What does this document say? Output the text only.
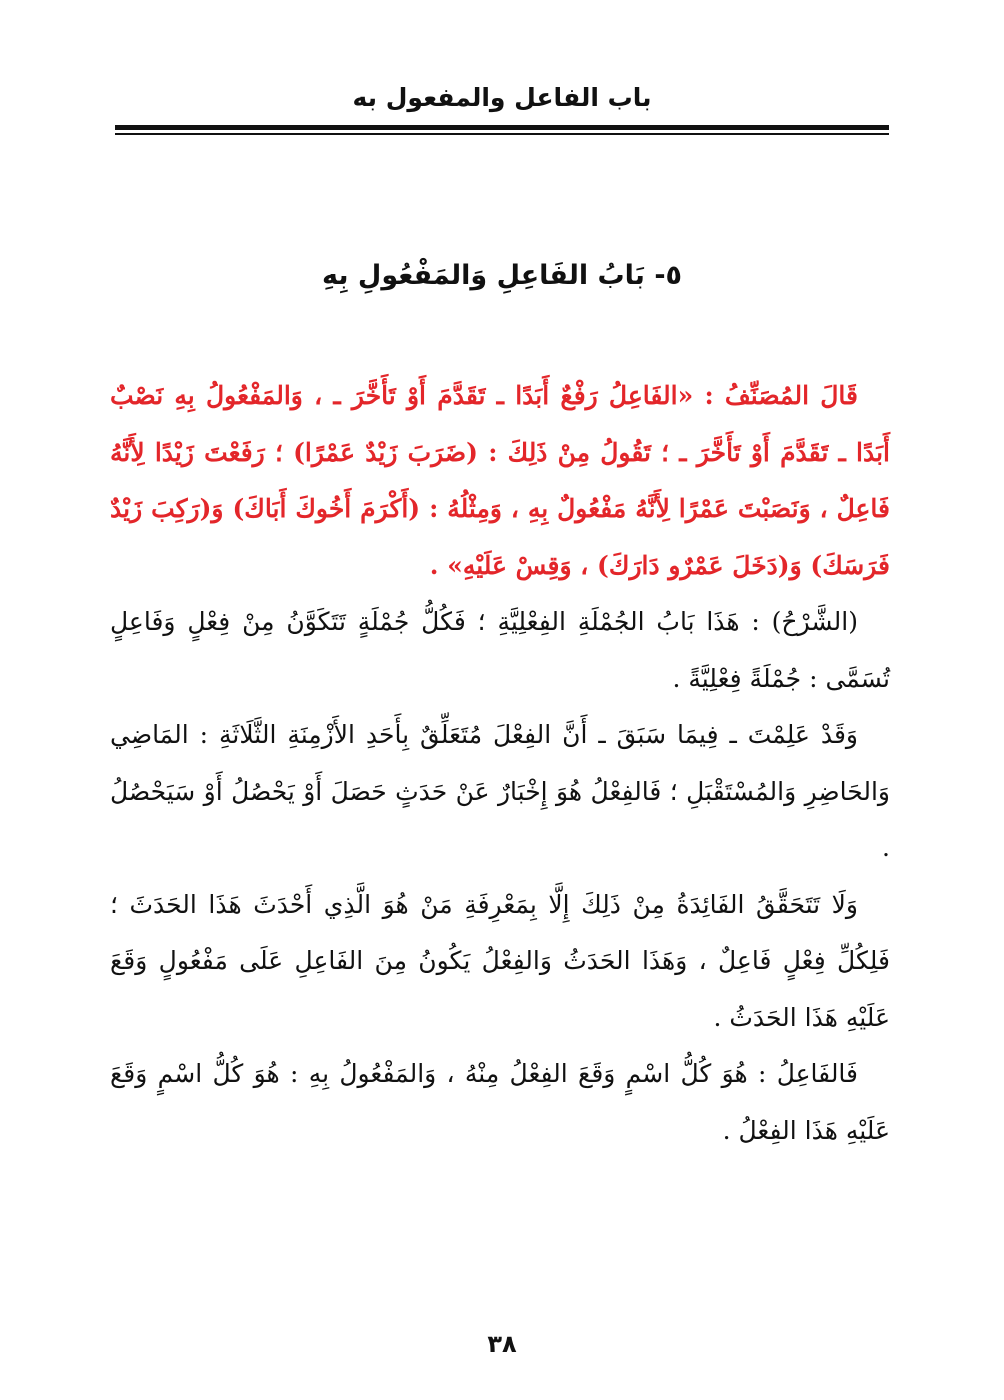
باب الفاعل والمفعول به
٥- بَابُ الفَاعِلِ وَالمَفْعُولِ بِهِ

قَالَ المُصَنِّفُ : «الفَاعِلُ رَفْعٌ أَبَدًا ـ تَقَدَّمَ أَوْ تَأَخَّرَ ـ ، وَالمَفْعُولُ بِهِ نَصْبٌ أَبَدًا ـ تَقَدَّمَ أَوْ تَأَخَّرَ ـ ؛ تَقُولُ مِنْ ذَلِكَ : (ضَرَبَ زَيْدٌ عَمْرًا) ؛ رَفَعْتَ زَيْدًا لِأَنَّهُ فَاعِلٌ ، وَنَصَبْتَ عَمْرًا لِأَنَّهُ مَفْعُولٌ بِهِ ، وَمِثْلُهُ : (أَكْرَمَ أَخُوكَ أَبَاكَ) وَ(رَكِبَ زَيْدٌ فَرَسَكَ) وَ(دَخَلَ عَمْرٌو دَارَكَ) ، وَقِسْ عَلَيْهِ» .

(الشَّرْحُ) : هَذَا بَابُ الجُمْلَةِ الفِعْلِيَّةِ ؛ فَكُلُّ جُمْلَةٍ تَتَكَوَّنُ مِنْ فِعْلٍ وَفَاعِلٍ تُسَمَّى : جُمْلَةً فِعْلِيَّةً .

وَقَدْ عَلِمْتَ ـ فِيمَا سَبَقَ ـ أَنَّ الفِعْلَ مُتَعَلِّقٌ بِأَحَدِ الأَزْمِنَةِ الثَّلَاثَةِ : المَاضِي وَالحَاضِرِ وَالمُسْتَقْبَلِ ؛ فَالفِعْلُ هُوَ إِخْبَارٌ عَنْ حَدَثٍ حَصَلَ أَوْ يَحْصُلُ أَوْ سَيَحْصُلُ .

وَلَا تَتَحَقَّقُ الفَائِدَةُ مِنْ ذَلِكَ إِلَّا بِمَعْرِفَةِ مَنْ هُوَ الَّذِي أَحْدَثَ هَذَا الحَدَثَ ؛ فَلِكُلِّ فِعْلٍ فَاعِلٌ ، وَهَذَا الحَدَثُ وَالفِعْلُ يَكُونُ مِنَ الفَاعِلِ عَلَى مَفْعُولٍ وَقَعَ عَلَيْهِ هَذَا الحَدَثُ .

فَالفَاعِلُ : هُوَ كُلُّ اسْمٍ وَقَعَ الفِعْلُ مِنْهُ ، وَالمَفْعُولُ بِهِ : هُوَ كُلُّ اسْمٍ وَقَعَ عَلَيْهِ هَذَا الفِعْلُ .

٣٨
